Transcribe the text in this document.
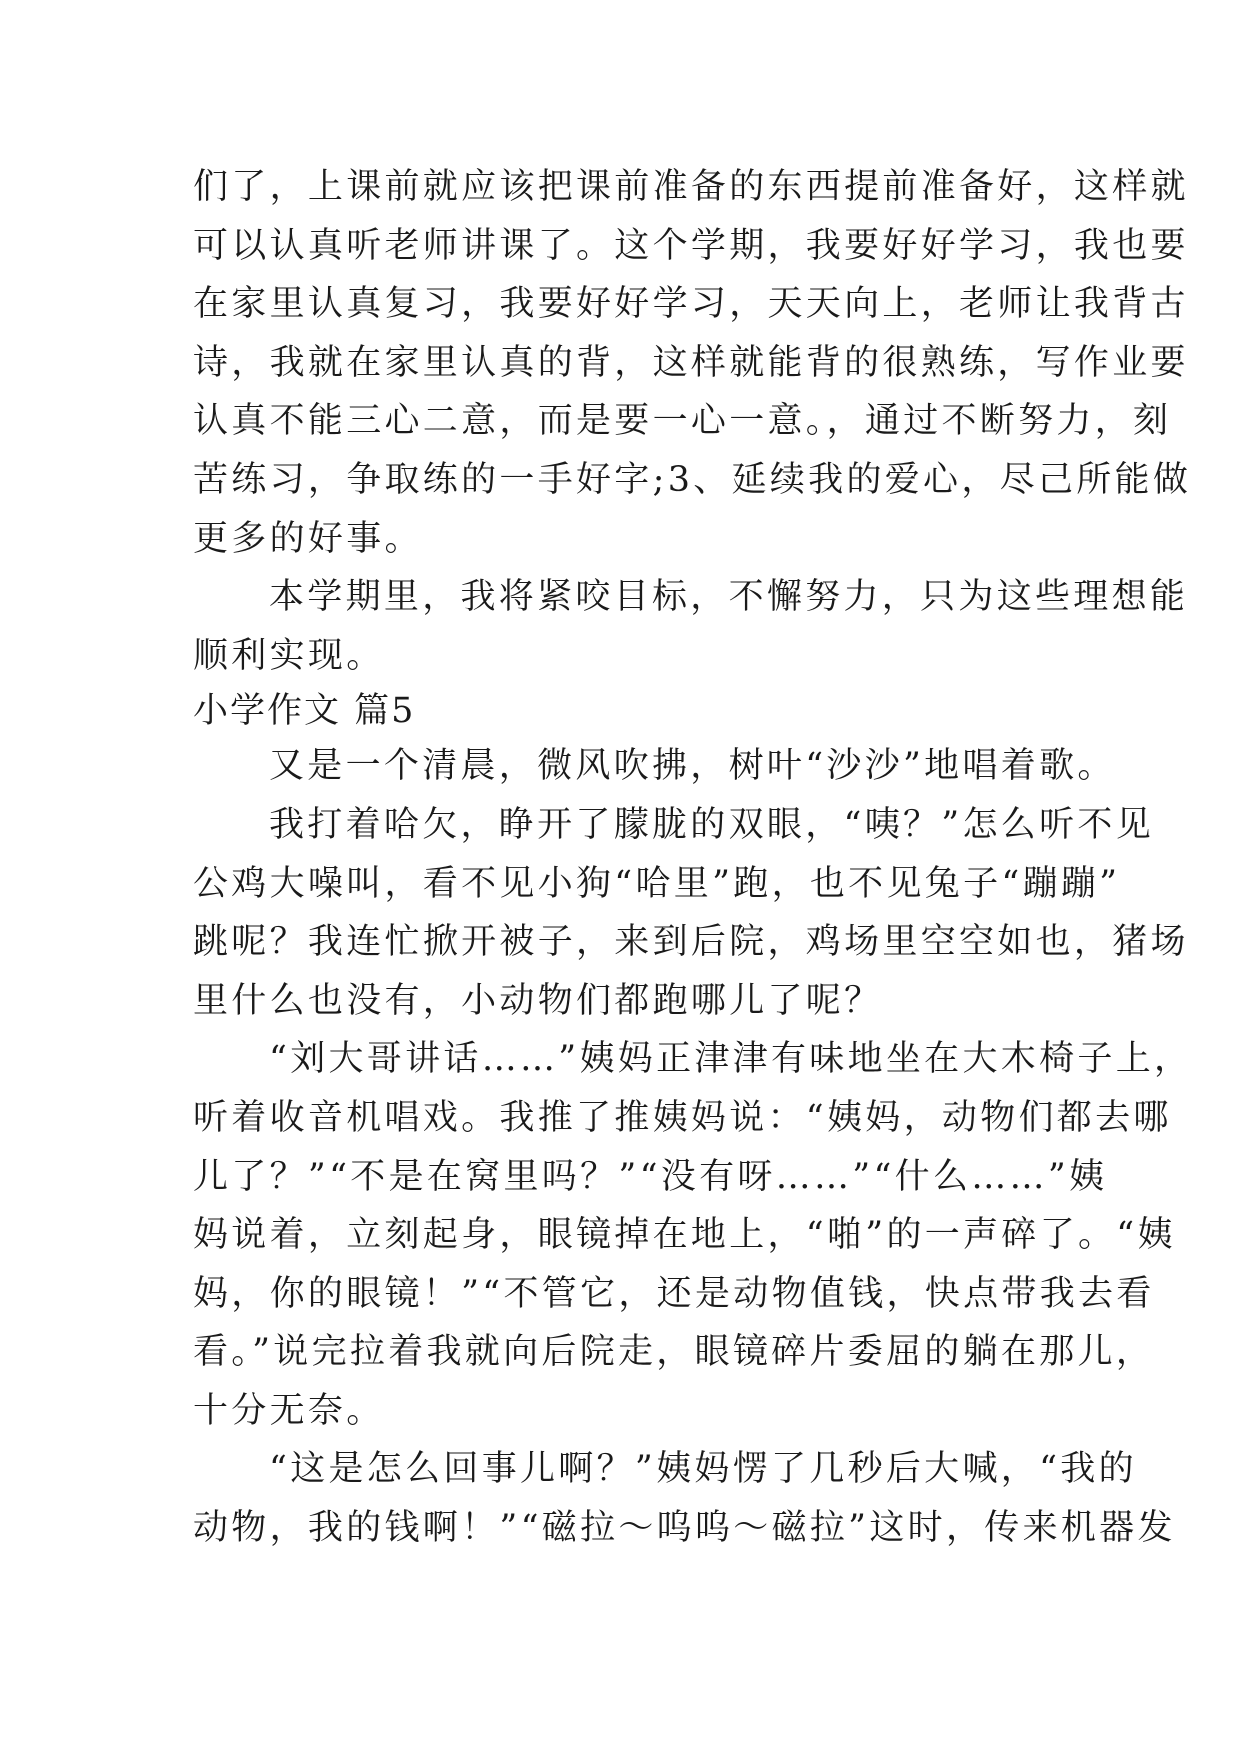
们了，上课前就应该把课前准备的东西提前准备好，这样就
可以认真听老师讲课了。这个学期，我要好好学习，我也要
在家里认真复习，我要好好学习，天天向上，老师让我背古
诗，我就在家里认真的背，这样就能背的很熟练，写作业要
认真不能三心二意，而是要一心一意。，通过不断努力，刻
苦练习，争取练的一手好字;3、延续我的爱心，尽己所能做
更多的好事。
本学期里，我将紧咬目标，不懈努力，只为这些理想能
顺利实现。
小学作文 篇5
又是一个清晨，微风吹拂，树叶“沙沙”地唱着歌。
我打着哈欠，睁开了朦胧的双眼，“咦？”怎么听不见
公鸡大噪叫，看不见小狗“哈里”跑，也不见兔子“蹦蹦”
跳呢？我连忙掀开被子，来到后院，鸡场里空空如也，猪场
里什么也没有，小动物们都跑哪儿了呢？
“刘大哥讲话……”姨妈正津津有味地坐在大木椅子上，
听着收音机唱戏。我推了推姨妈说：“姨妈，动物们都去哪
儿了？”“不是在窝里吗？”“没有呀……”“什么……”姨
妈说着，立刻起身，眼镜掉在地上，“啪”的一声碎了。“姨
妈，你的眼镜！”“不管它，还是动物值钱，快点带我去看
看。”说完拉着我就向后院走，眼镜碎片委屈的躺在那儿，
十分无奈。
“这是怎么回事儿啊？”姨妈愣了几秒后大喊，“我的
动物，我的钱啊！”“磁拉～呜呜～磁拉”这时，传来机器发
